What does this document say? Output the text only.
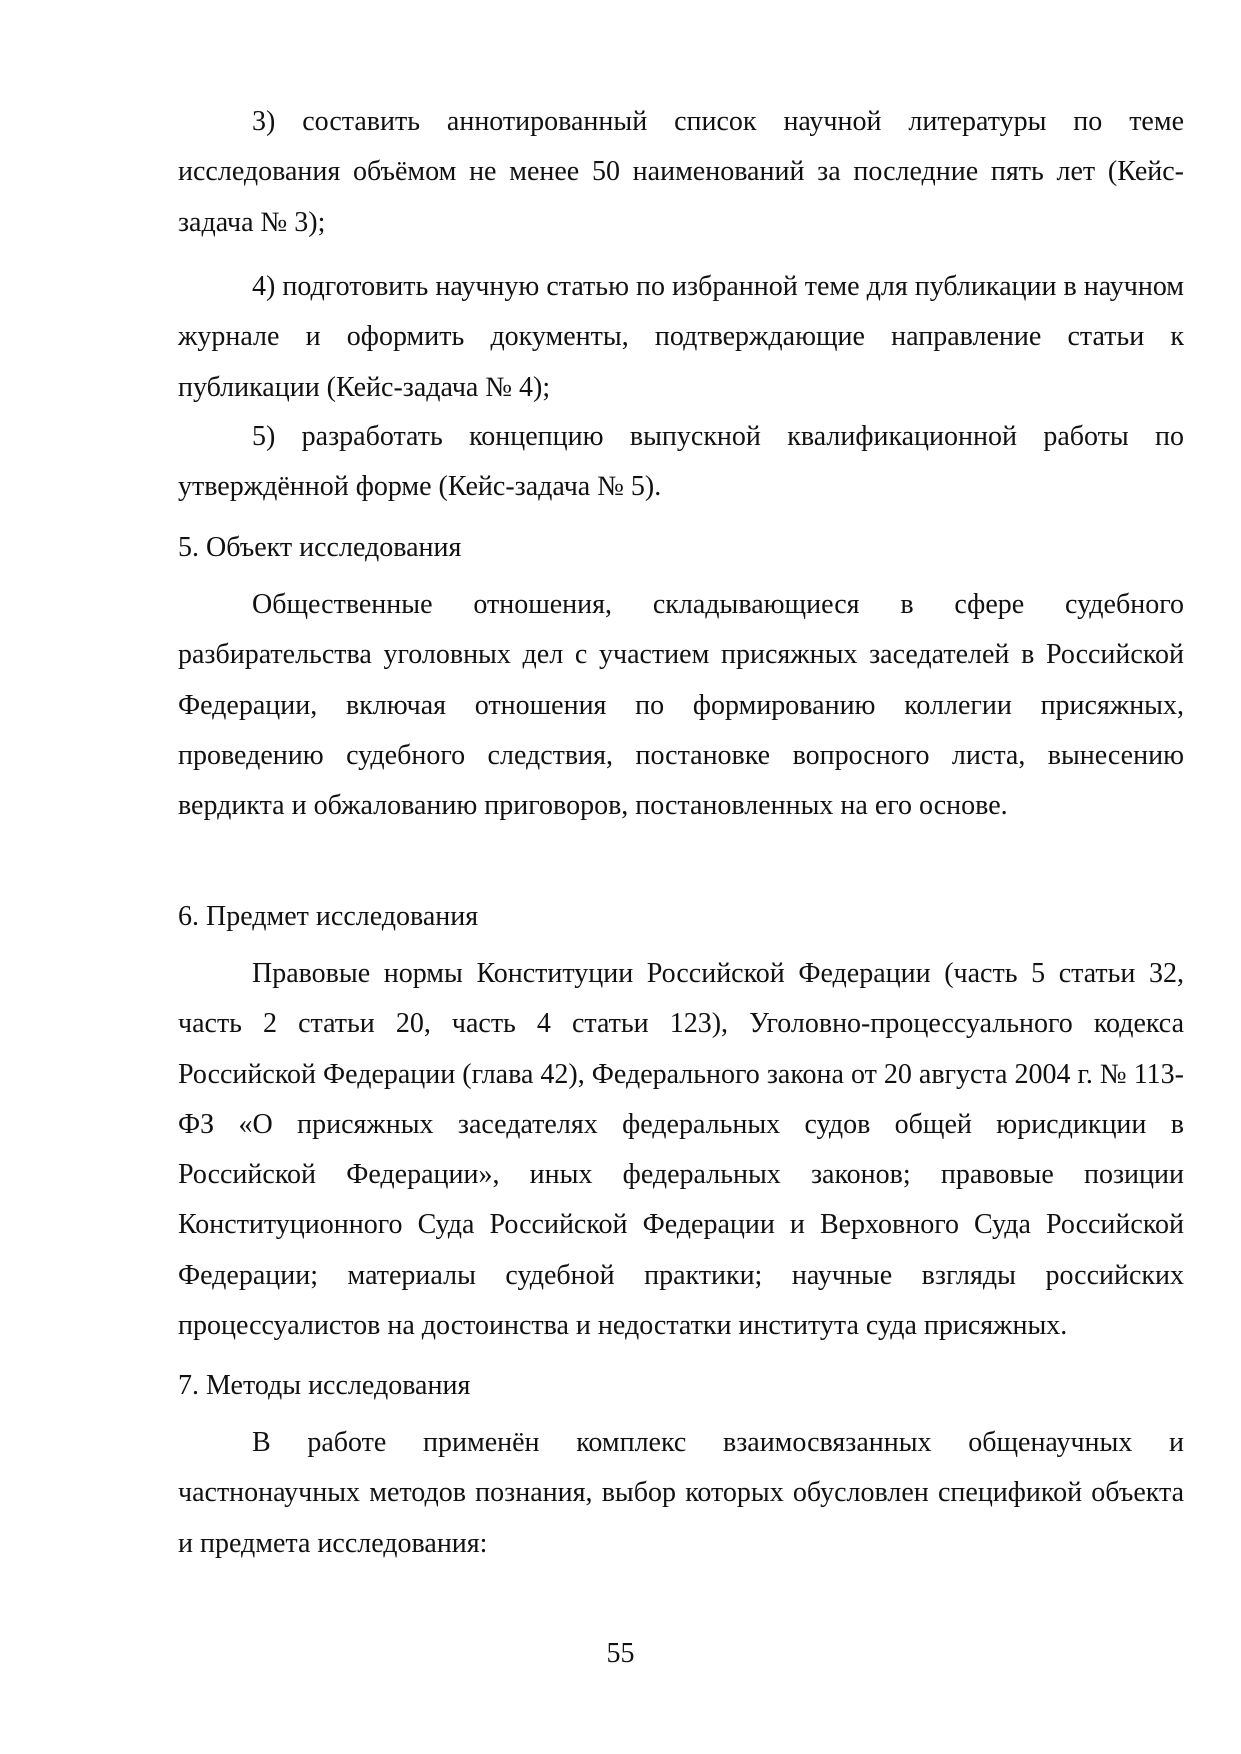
3) составить аннотированный список научной литературы по теме исследования объёмом не менее 50 наименований за последние пять лет (Кейс-задача № 3);

4) подготовить научную статью по избранной теме для публикации в научном журнале и оформить документы, подтверждающие направление статьи к публикации (Кейс-задача № 4);

5) разработать концепцию выпускной квалификационной работы по утверждённой форме (Кейс-задача № 5).

5. Объект исследования

Общественные отношения, складывающиеся в сфере судебного разбирательства уголовных дел с участием присяжных заседателей в Российской Федерации, включая отношения по формированию коллегии присяжных, проведению судебного следствия, постановке вопросного листа, вынесению вердикта и обжалованию приговоров, постановленных на его основе.

6. Предмет исследования

Правовые нормы Конституции Российской Федерации (часть 5 статьи 32, часть 2 статьи 20, часть 4 статьи 123), Уголовно-процессуального кодекса Российской Федерации (глава 42), Федерального закона от 20 августа 2004 г. № 113-ФЗ «О присяжных заседателях федеральных судов общей юрисдикции в Российской Федерации», иных федеральных законов; правовые позиции Конституционного Суда Российской Федерации и Верховного Суда Российской Федерации; материалы судебной практики; научные взгляды российских процессуалистов на достоинства и недостатки института суда присяжных.

7. Методы исследования

В работе применён комплекс взаимосвязанных общенаучных и частнонаучных методов познания, выбор которых обусловлен спецификой объекта и предмета исследования:

55
